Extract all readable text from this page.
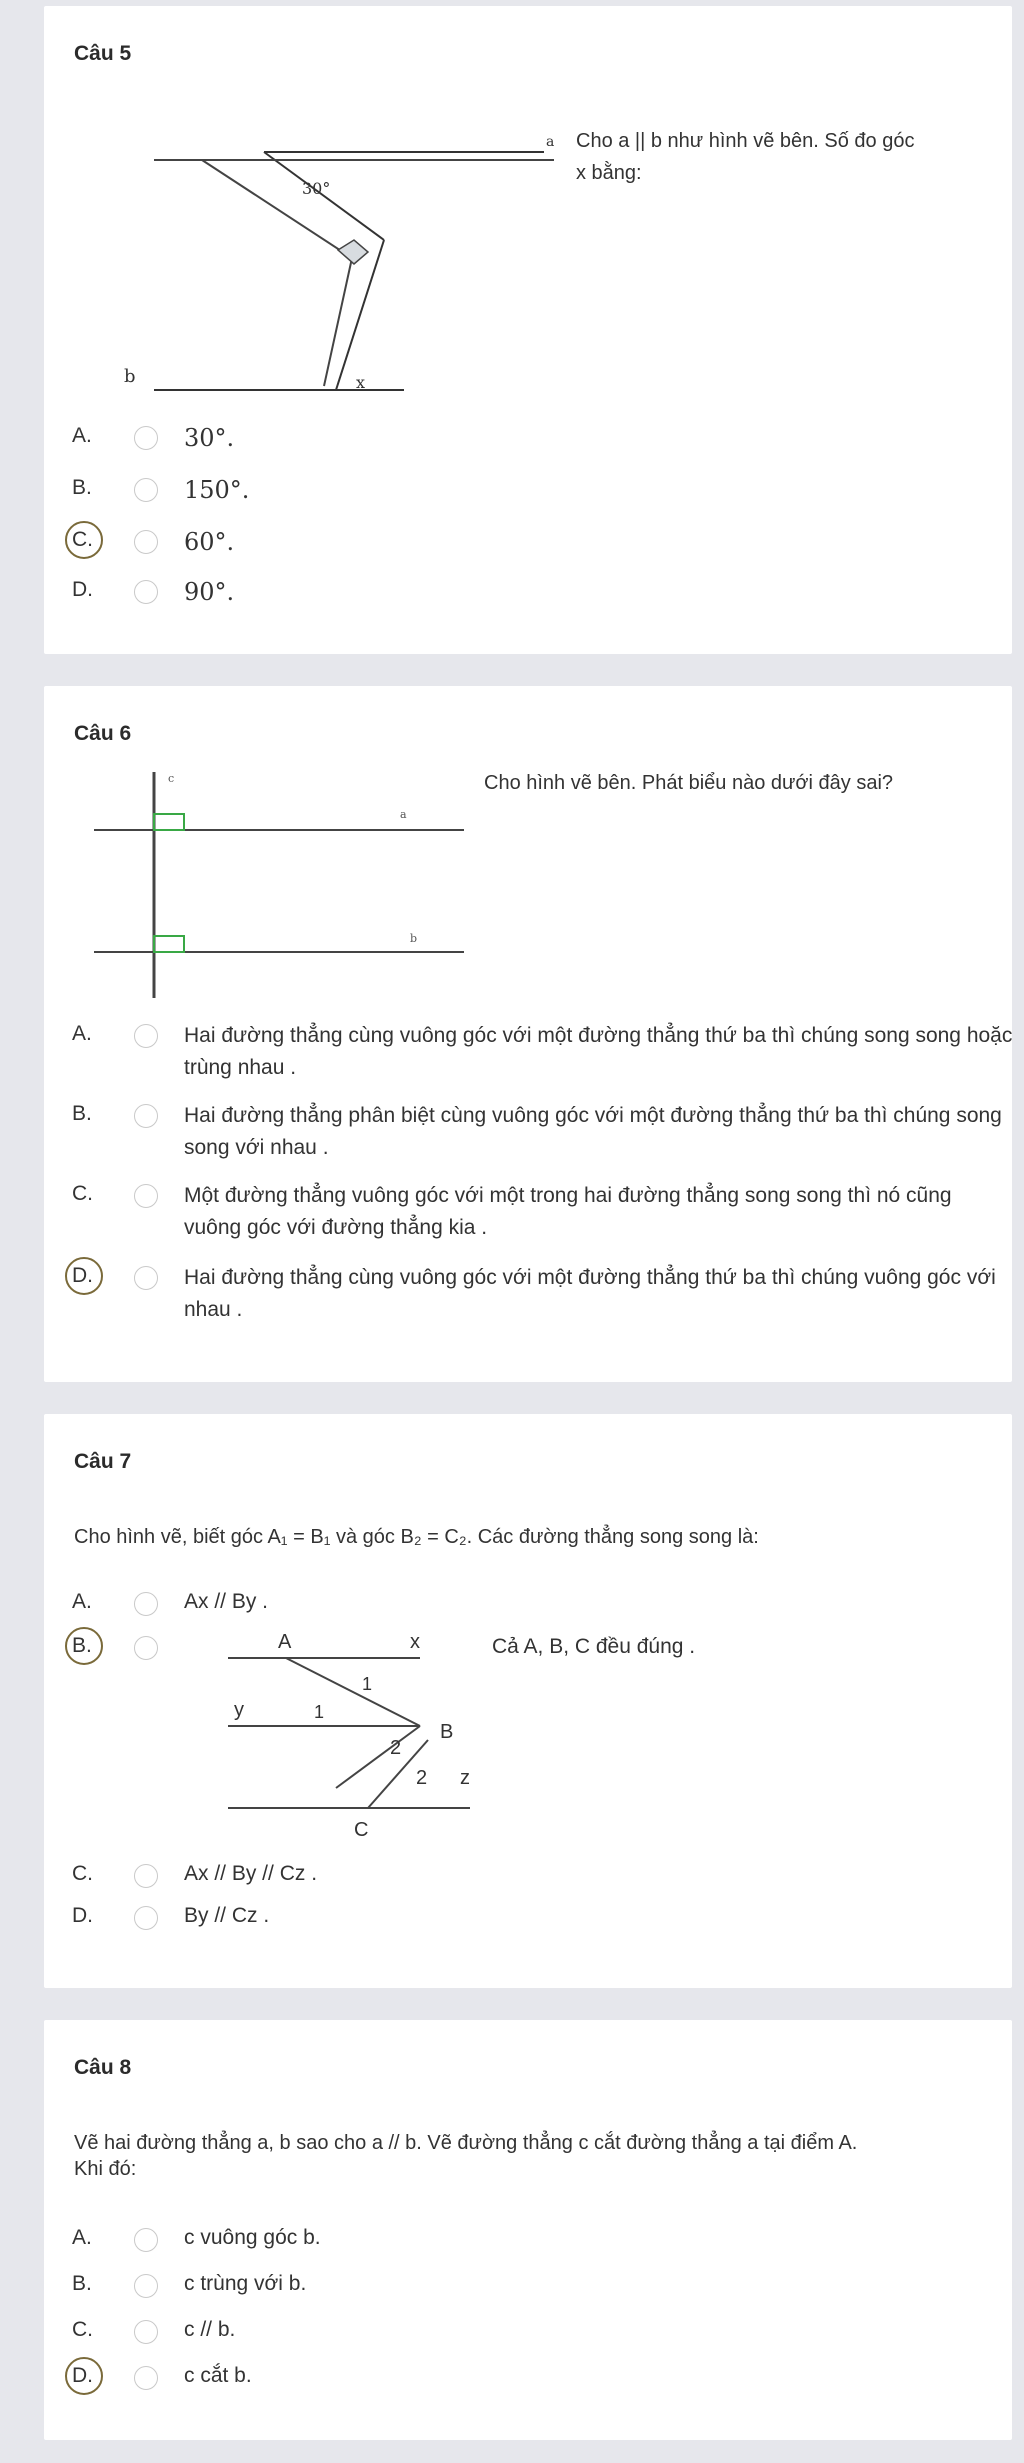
Câu 5
30°
a
b	x
Cho a || b như hình vẽ bên. Số đo góc
x bằng:
A.	30°.
B.	150°.
C.	60°.
D.	90°.
Câu 6
c
a
b
Cho hình vẽ bên. Phát biểu nào dưới đây sai?
A.	Hai đường thẳng cùng vuông góc với một đường thẳng thứ ba thì chúng song song hoặc trùng nhau .
B.	Hai đường thẳng phân biệt cùng vuông góc với một đường thẳng thứ ba thì chúng song song với nhau .
C.	Một đường thẳng vuông góc với một trong hai đường thẳng song song thì nó cũng vuông góc với đường thẳng kia .
D.	Hai đường thẳng cùng vuông góc với một đường thẳng thứ ba thì chúng vuông góc với nhau .
Câu 7
Cho hình vẽ, biết góc A₁ = B₁ và góc B₂ = C₂. Các đường thẳng song song là:
A.	Ax // By .
B.	Cả A, B, C đều đúng .
A	x
1
y	1
B
2
2 z
C
C.	Ax // By // Cz .
D.	By // Cz .
Câu 8
Vẽ hai đường thẳng a, b sao cho a // b. Vẽ đường thẳng c cắt đường thẳng a tại điểm A.
Khi đó:
A.	c vuông góc b.
B.	c trùng với b.
C.	c // b.
D.	c cắt b.
